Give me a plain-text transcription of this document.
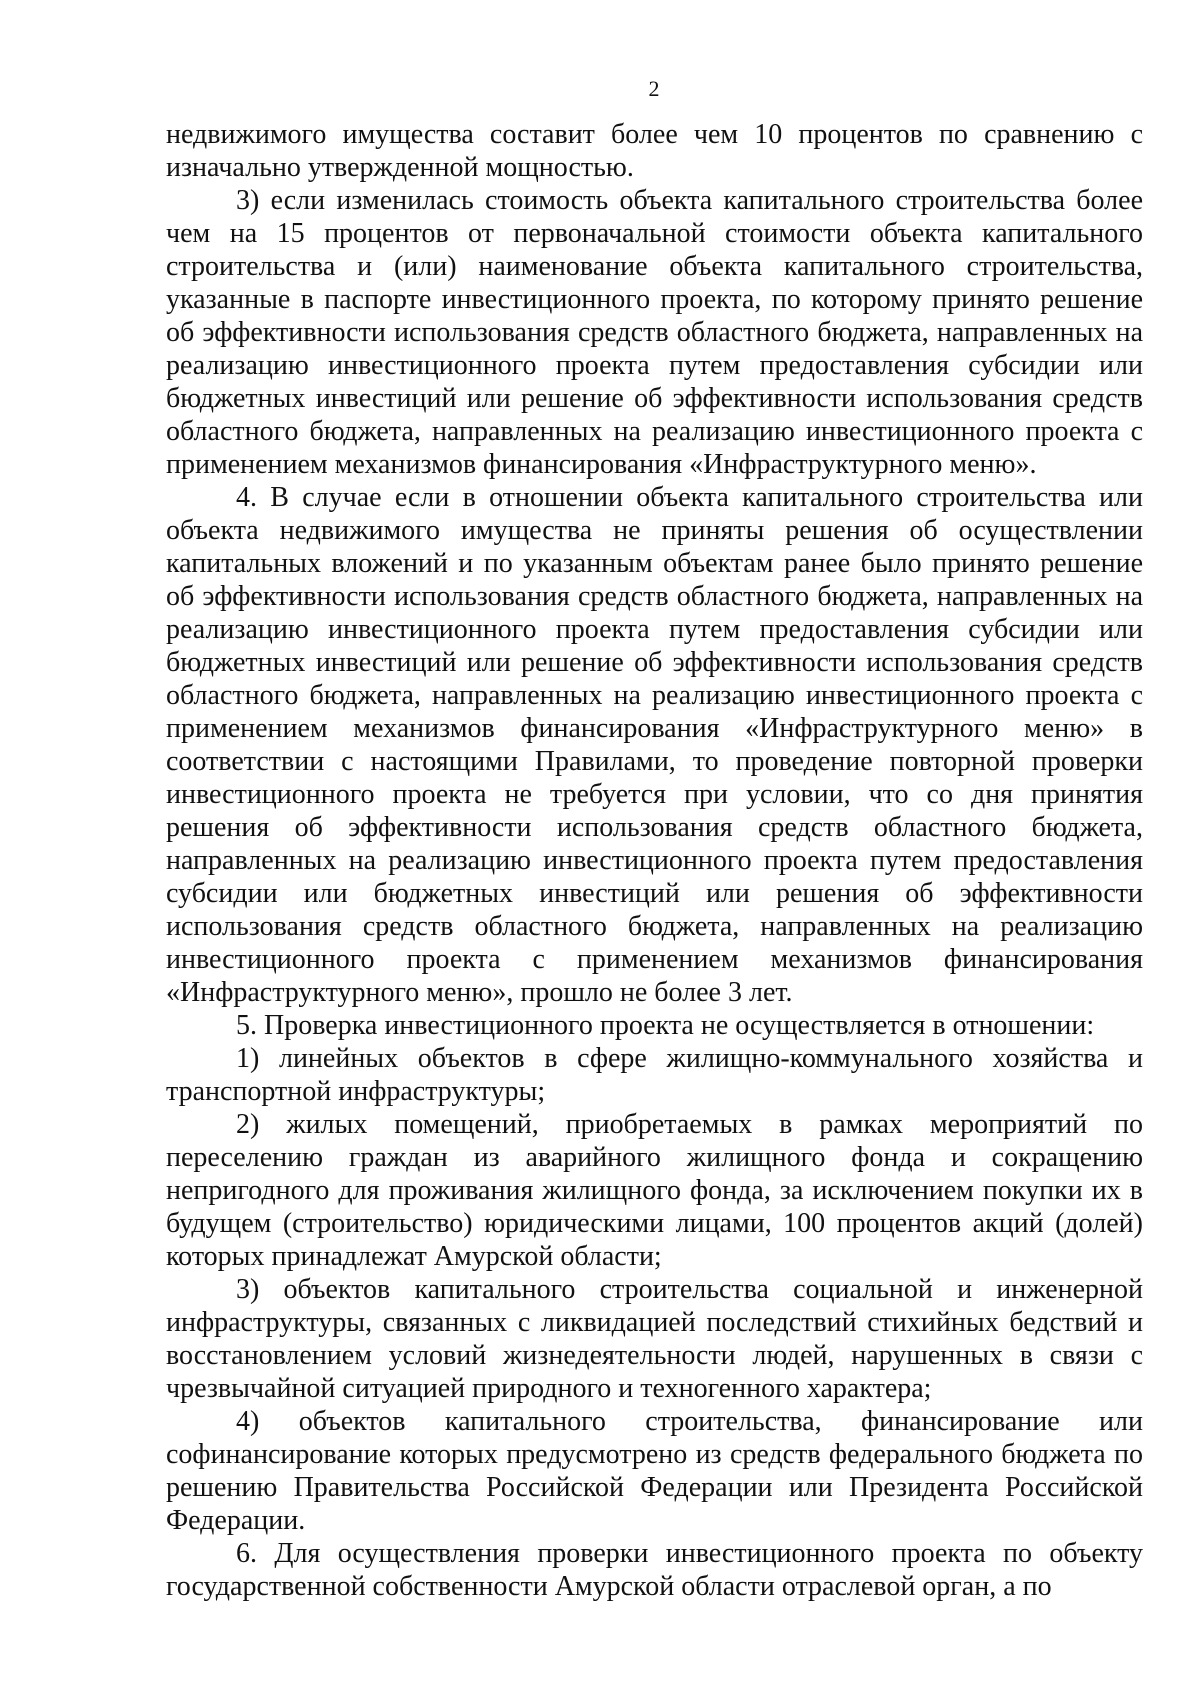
2

недвижимого имущества составит более чем 10 процентов по сравнению с изначально утвержденной мощностью.

3) если изменилась стоимость объекта капитального строительства более чем на 15 процентов от первоначальной стоимости объекта капитального строительства и (или) наименование объекта капитального строительства, указанные в паспорте инвестиционного проекта, по которому принято решение об эффективности использования средств областного бюджета, направленных на реализацию инвестиционного проекта путем предоставления субсидии или бюджетных инвестиций или решение об эффективности использования средств областного бюджета, направленных на реализацию инвестиционного проекта с применением механизмов финансирования «Инфраструктурного меню».

4. В случае если в отношении объекта капитального строительства или объекта недвижимого имущества не приняты решения об осуществлении капитальных вложений и по указанным объектам ранее было принято решение об эффективности использования средств областного бюджета, направленных на реализацию инвестиционного проекта путем предоставления субсидии или бюджетных инвестиций или решение об эффективности использования средств областного бюджета, направленных на реализацию инвестиционного проекта с применением механизмов финансирования «Инфраструктурного меню» в соответствии с настоящими Правилами, то проведение повторной проверки инвестиционного проекта не требуется при условии, что со дня принятия решения об эффективности использования средств областного бюджета, направленных на реализацию инвестиционного проекта путем предоставления субсидии или бюджетных инвестиций или решения об эффективности использования средств областного бюджета, направленных на реализацию инвестиционного проекта с применением механизмов финансирования «Инфраструктурного меню», прошло не более 3 лет.

5. Проверка инвестиционного проекта не осуществляется в отношении:

1) линейных объектов в сфере жилищно-коммунального хозяйства и транспортной инфраструктуры;

2) жилых помещений, приобретаемых в рамках мероприятий по переселению граждан из аварийного жилищного фонда и сокращению непригодного для проживания жилищного фонда, за исключением покупки их в будущем (строительство) юридическими лицами, 100 процентов акций (долей) которых принадлежат Амурской области;

3) объектов капитального строительства социальной и инженерной инфраструктуры, связанных с ликвидацией последствий стихийных бедствий и восстановлением условий жизнедеятельности людей, нарушенных в связи с чрезвычайной ситуацией природного и техногенного характера;

4) объектов капитального строительства, финансирование или софинансирование которых предусмотрено из средств федерального бюджета по решению Правительства Российской Федерации или Президента Российской Федерации.

6. Для осуществления проверки инвестиционного проекта по объекту государственной собственности Амурской области отраслевой орган, а по
